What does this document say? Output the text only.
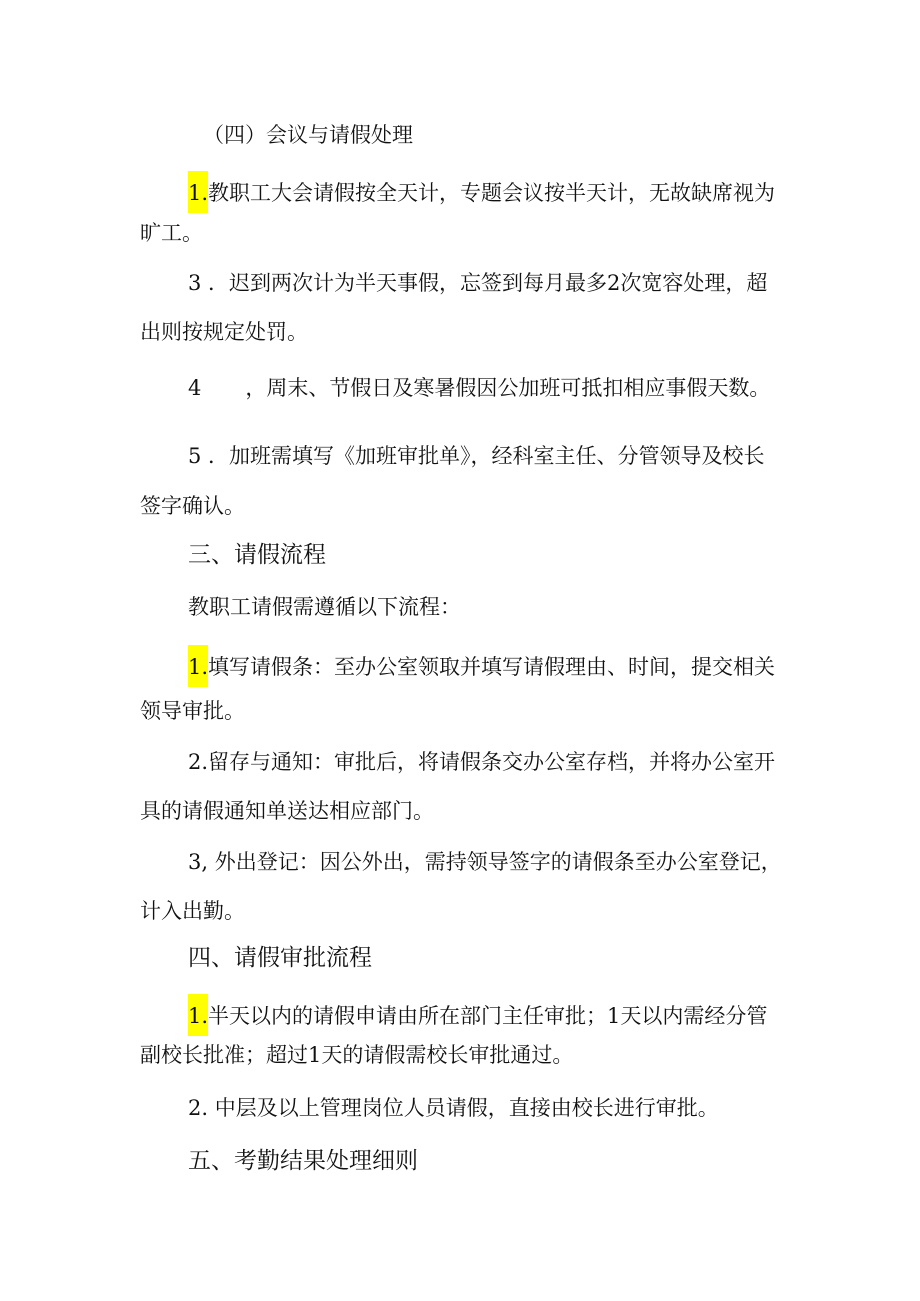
（四）会议与请假处理
1.教职工大会请假按全天计，专题会议按半天计，无故缺席视为
旷工。
3 ．迟到两次计为半天事假，忘签到每月最多2次宽容处理，超
出则按规定处罚。
4 ，周末、节假日及寒暑假因公加班可抵扣相应事假天数。
5 ．加班需填写《加班审批单》，经科室主任、分管领导及校长
签字确认。
三、请假流程
教职工请假需遵循以下流程：
1.填写请假条：至办公室领取并填写请假理由、时间，提交相关
领导审批。
2.留存与通知：审批后，将请假条交办公室存档，并将办公室开
具的请假通知单送达相应部门。
3, 外出登记：因公外出，需持领导签字的请假条至办公室登记，
计入出勤。
四、请假审批流程
1.半天以内的请假申请由所在部门主任审批；1天以内需经分管
副校长批准；超过1天的请假需校长审批通过。
2. 中层及以上管理岗位人员请假，直接由校长进行审批。
五、考勤结果处理细则
